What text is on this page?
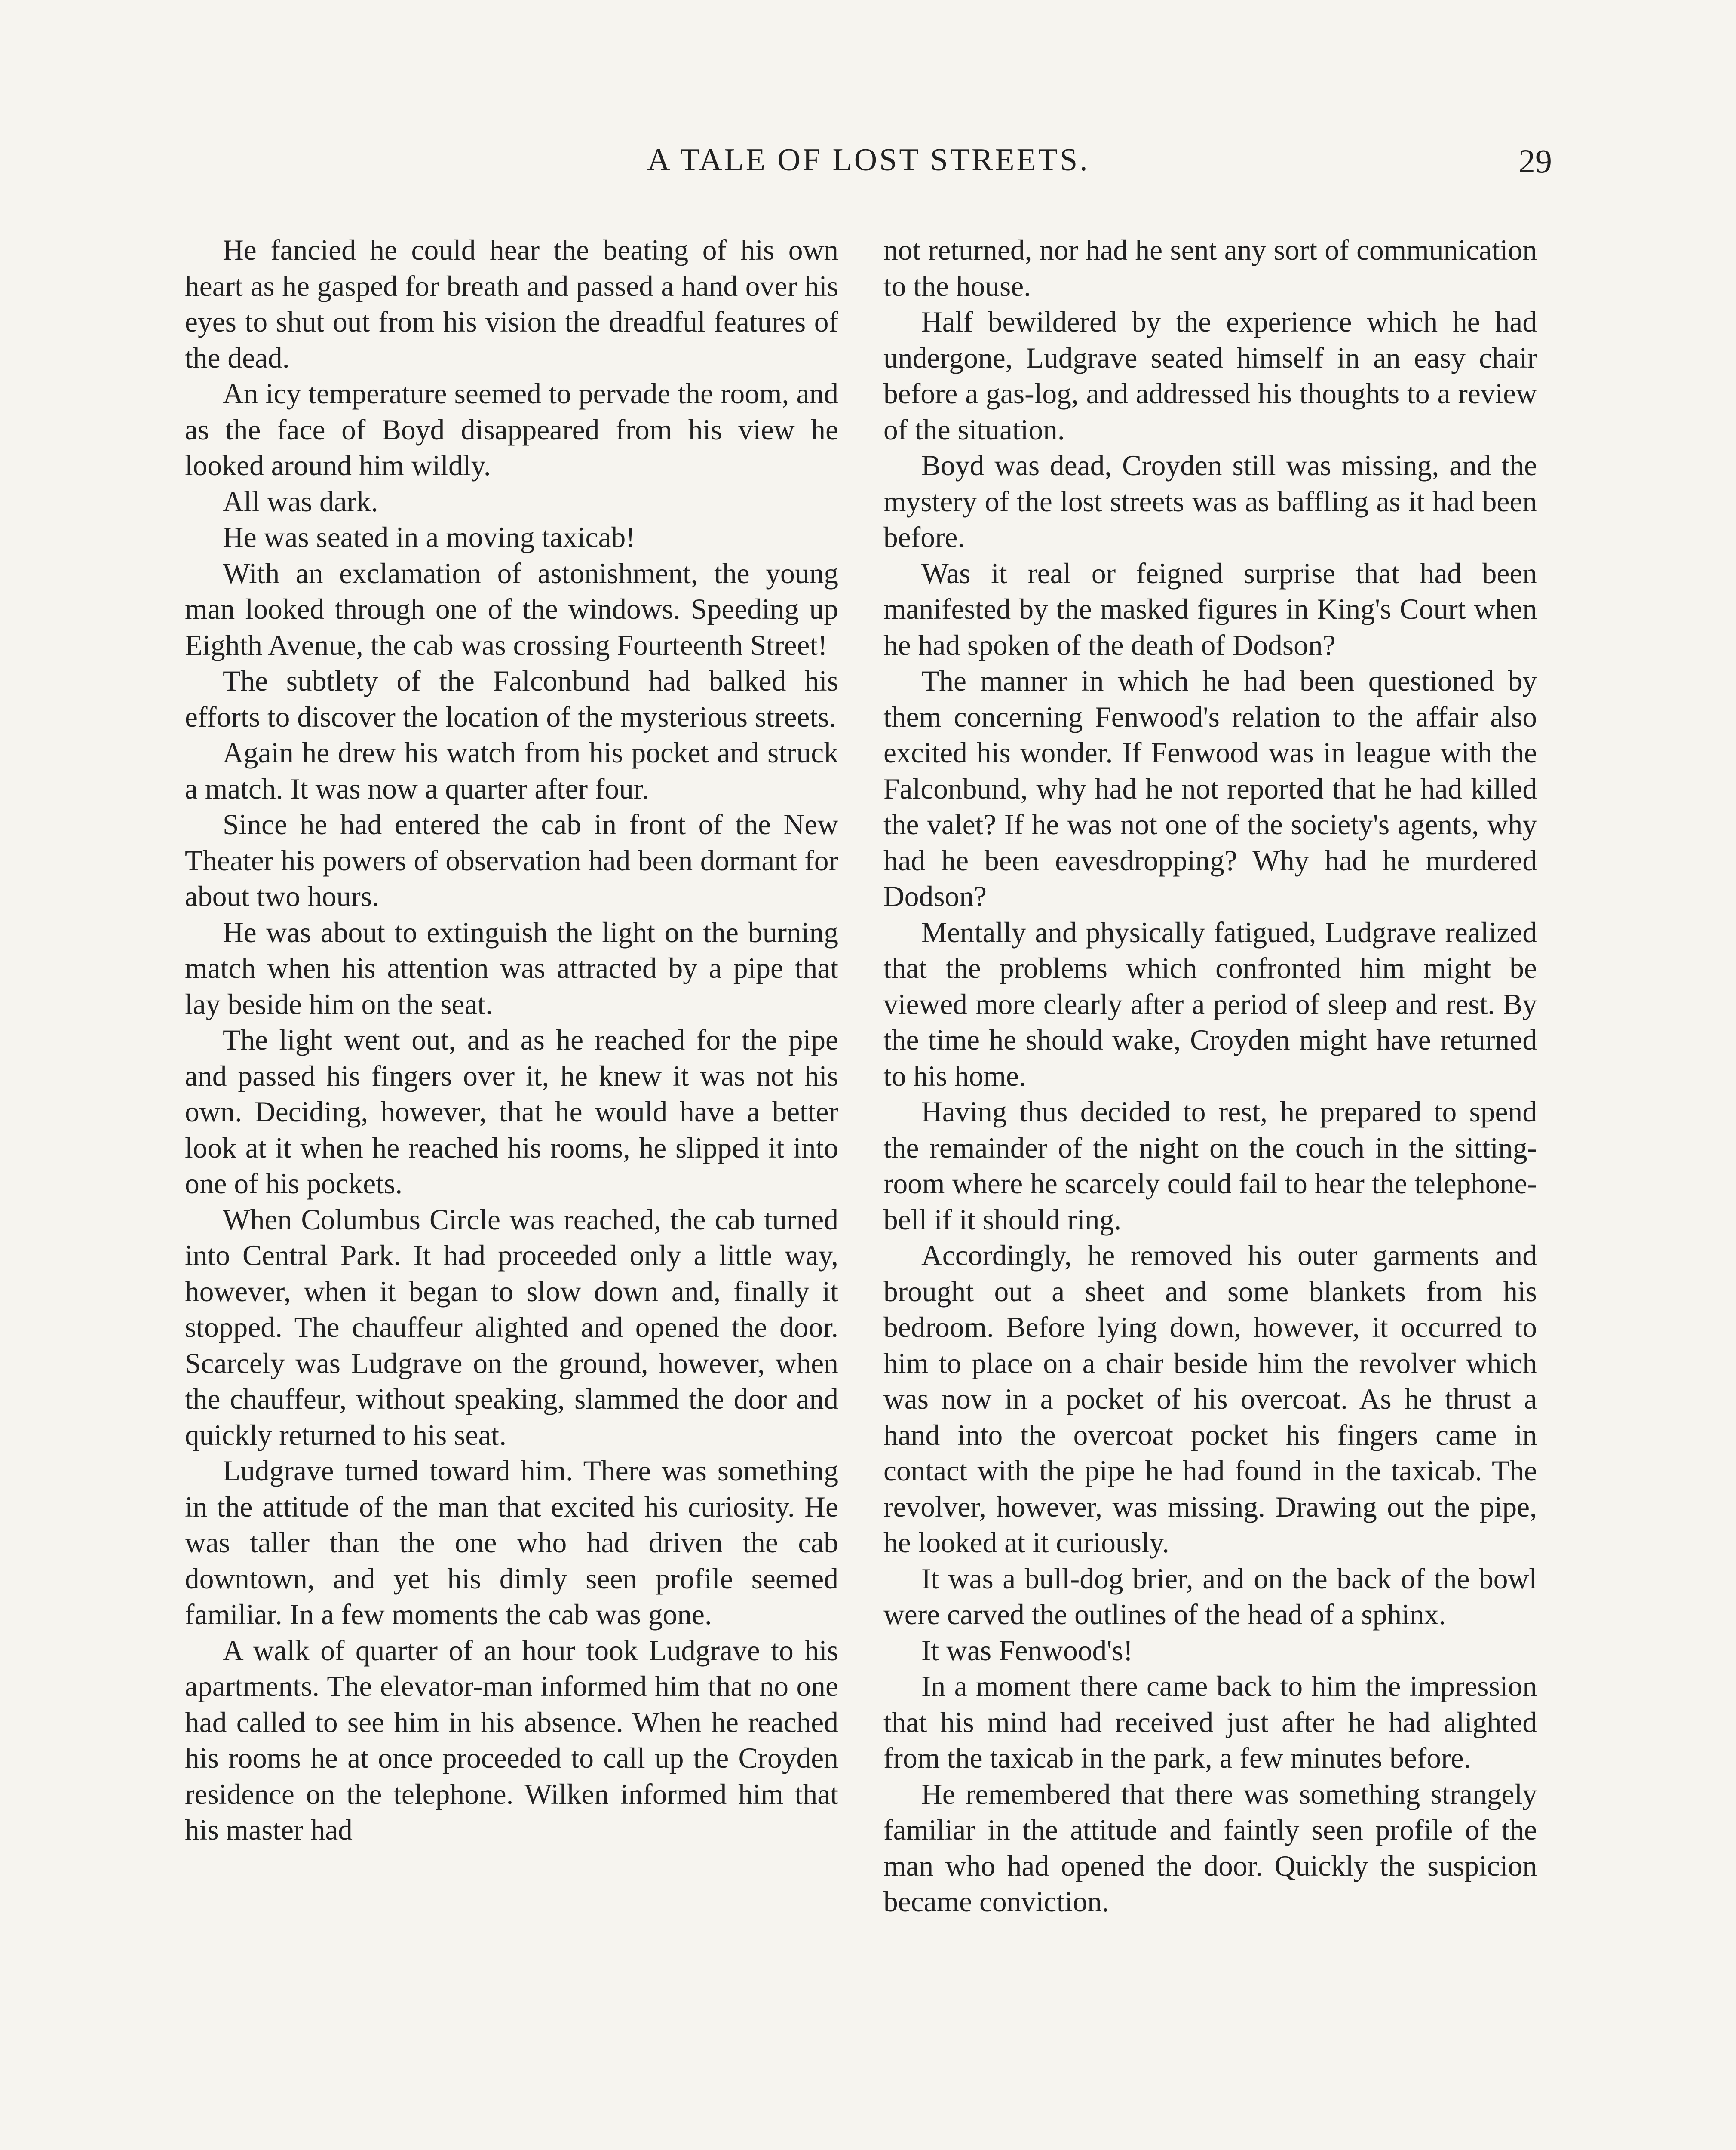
A TALE OF LOST STREETS.	29

He fancied he could hear the beating of his own heart as he gasped for breath and passed a hand over his eyes to shut out from his vision the dreadful features of the dead.

An icy temperature seemed to pervade the room, and as the face of Boyd disappeared from his view he looked around him wildly.

All was dark.

He was seated in a moving taxicab!

With an exclamation of astonishment, the young man looked through one of the windows. Speeding up Eighth Avenue, the cab was crossing Fourteenth Street!

The subtlety of the Falconbund had balked his efforts to discover the location of the mysterious streets.

Again he drew his watch from his pocket and struck a match. It was now a quarter after four.

Since he had entered the cab in front of the New Theater his powers of observation had been dormant for about two hours.

He was about to extinguish the light on the burning match when his attention was attracted by a pipe that lay beside him on the seat.

The light went out, and as he reached for the pipe and passed his fingers over it, he knew it was not his own. Deciding, however, that he would have a better look at it when he reached his rooms, he slipped it into one of his pockets.

When Columbus Circle was reached, the cab turned into Central Park. It had proceeded only a little way, however, when it began to slow down and, finally it stopped. The chauffeur alighted and opened the door. Scarcely was Ludgrave on the ground, however, when the chauffeur, without speaking, slammed the door and quickly returned to his seat.

Ludgrave turned toward him. There was something in the attitude of the man that excited his curiosity. He was taller than the one who had driven the cab downtown, and yet his dimly seen profile seemed familiar. In a few moments the cab was gone.

A walk of quarter of an hour took Ludgrave to his apartments. The elevator-man informed him that no one had called to see him in his absence. When he reached his rooms he at once proceeded to call up the Croyden residence on the telephone. Wilken informed him that his master had

not returned, nor had he sent any sort of communication to the house.

Half bewildered by the experience which he had undergone, Ludgrave seated himself in an easy chair before a gas-log, and addressed his thoughts to a review of the situation.

Boyd was dead, Croyden still was missing, and the mystery of the lost streets was as baffling as it had been before.

Was it real or feigned surprise that had been manifested by the masked figures in King's Court when he had spoken of the death of Dodson?

The manner in which he had been questioned by them concerning Fenwood's relation to the affair also excited his wonder. If Fenwood was in league with the Falconbund, why had he not reported that he had killed the valet? If he was not one of the society's agents, why had he been eavesdropping? Why had he murdered Dodson?

Mentally and physically fatigued, Ludgrave realized that the problems which confronted him might be viewed more clearly after a period of sleep and rest. By the time he should wake, Croyden might have returned to his home.

Having thus decided to rest, he prepared to spend the remainder of the night on the couch in the sitting-room where he scarcely could fail to hear the telephone-bell if it should ring.

Accordingly, he removed his outer garments and brought out a sheet and some blankets from his bedroom. Before lying down, however, it occurred to him to place on a chair beside him the revolver which was now in a pocket of his overcoat. As he thrust a hand into the overcoat pocket his fingers came in contact with the pipe he had found in the taxicab. The revolver, however, was missing. Drawing out the pipe, he looked at it curiously.

It was a bull-dog brier, and on the back of the bowl were carved the outlines of the head of a sphinx.

It was Fenwood's!

In a moment there came back to him the impression that his mind had received just after he had alighted from the taxicab in the park, a few minutes before.

He remembered that there was something strangely familiar in the attitude and faintly seen profile of the man who had opened the door. Quickly the suspicion became conviction.
